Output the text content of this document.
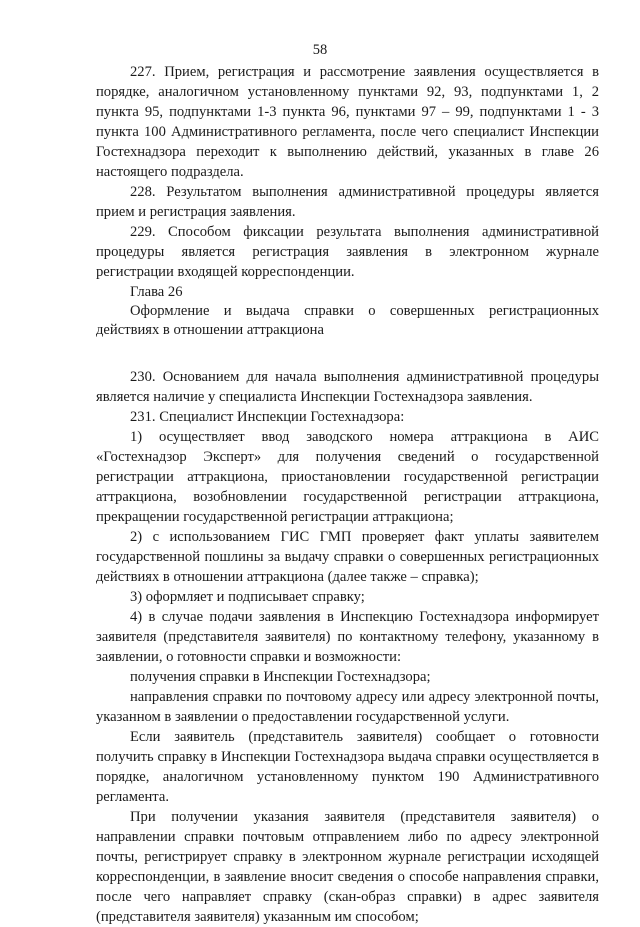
58

227. Прием, регистрация и рассмотрение заявления осуществляется в порядке, аналогичном установленному пунктами 92, 93, подпунктами 1, 2 пункта 95, подпунктами 1-3 пункта 96, пунктами 97 – 99, подпунктами 1 - 3 пункта 100 Административного регламента, после чего специалист Инспекции Гостехнадзора переходит к выполнению действий, указанных в главе 26 настоящего подраздела.

228. Результатом выполнения административной процедуры является прием и регистрация заявления.

229. Способом фиксации результата выполнения административной процедуры является регистрация заявления в электронном журнале регистрации входящей корреспонденции.

Глава 26

Оформление и выдача справки о совершенных регистрационных действиях в отношении аттракциона

230. Основанием для начала выполнения административной процедуры является наличие у специалиста Инспекции Гостехнадзора заявления.

231. Специалист Инспекции Гостехнадзора:

1) осуществляет ввод заводского номера аттракциона в АИС «Гостехнадзор Эксперт» для получения сведений о государственной регистрации аттракциона, приостановлении государственной регистрации аттракциона, возобновлении государственной регистрации аттракциона, прекращении государственной регистрации аттракциона;

2) с использованием ГИС ГМП проверяет факт уплаты заявителем государственной пошлины за выдачу справки о совершенных регистрационных действиях в отношении аттракциона (далее также – справка);

3) оформляет и подписывает справку;

4) в случае подачи заявления в Инспекцию Гостехнадзора информирует заявителя (представителя заявителя) по контактному телефону, указанному в заявлении, о готовности справки и возможности:

получения справки в Инспекции Гостехнадзора;

направления справки по почтовому адресу или адресу электронной почты, указанном в заявлении о предоставлении государственной услуги.

Если заявитель (представитель заявителя) сообщает о готовности получить справку в Инспекции Гостехнадзора выдача справки осуществляется в порядке, аналогичном установленному пунктом 190 Административного регламента.

При получении указания заявителя (представителя заявителя) о направлении справки почтовым отправлением либо по адресу электронной почты, регистрирует справку в электронном журнале регистрации исходящей корреспонденции, в заявление вносит сведения о способе направления справки, после чего направляет справку (скан-образ справки) в адрес заявителя (представителя заявителя) указанным им способом;
